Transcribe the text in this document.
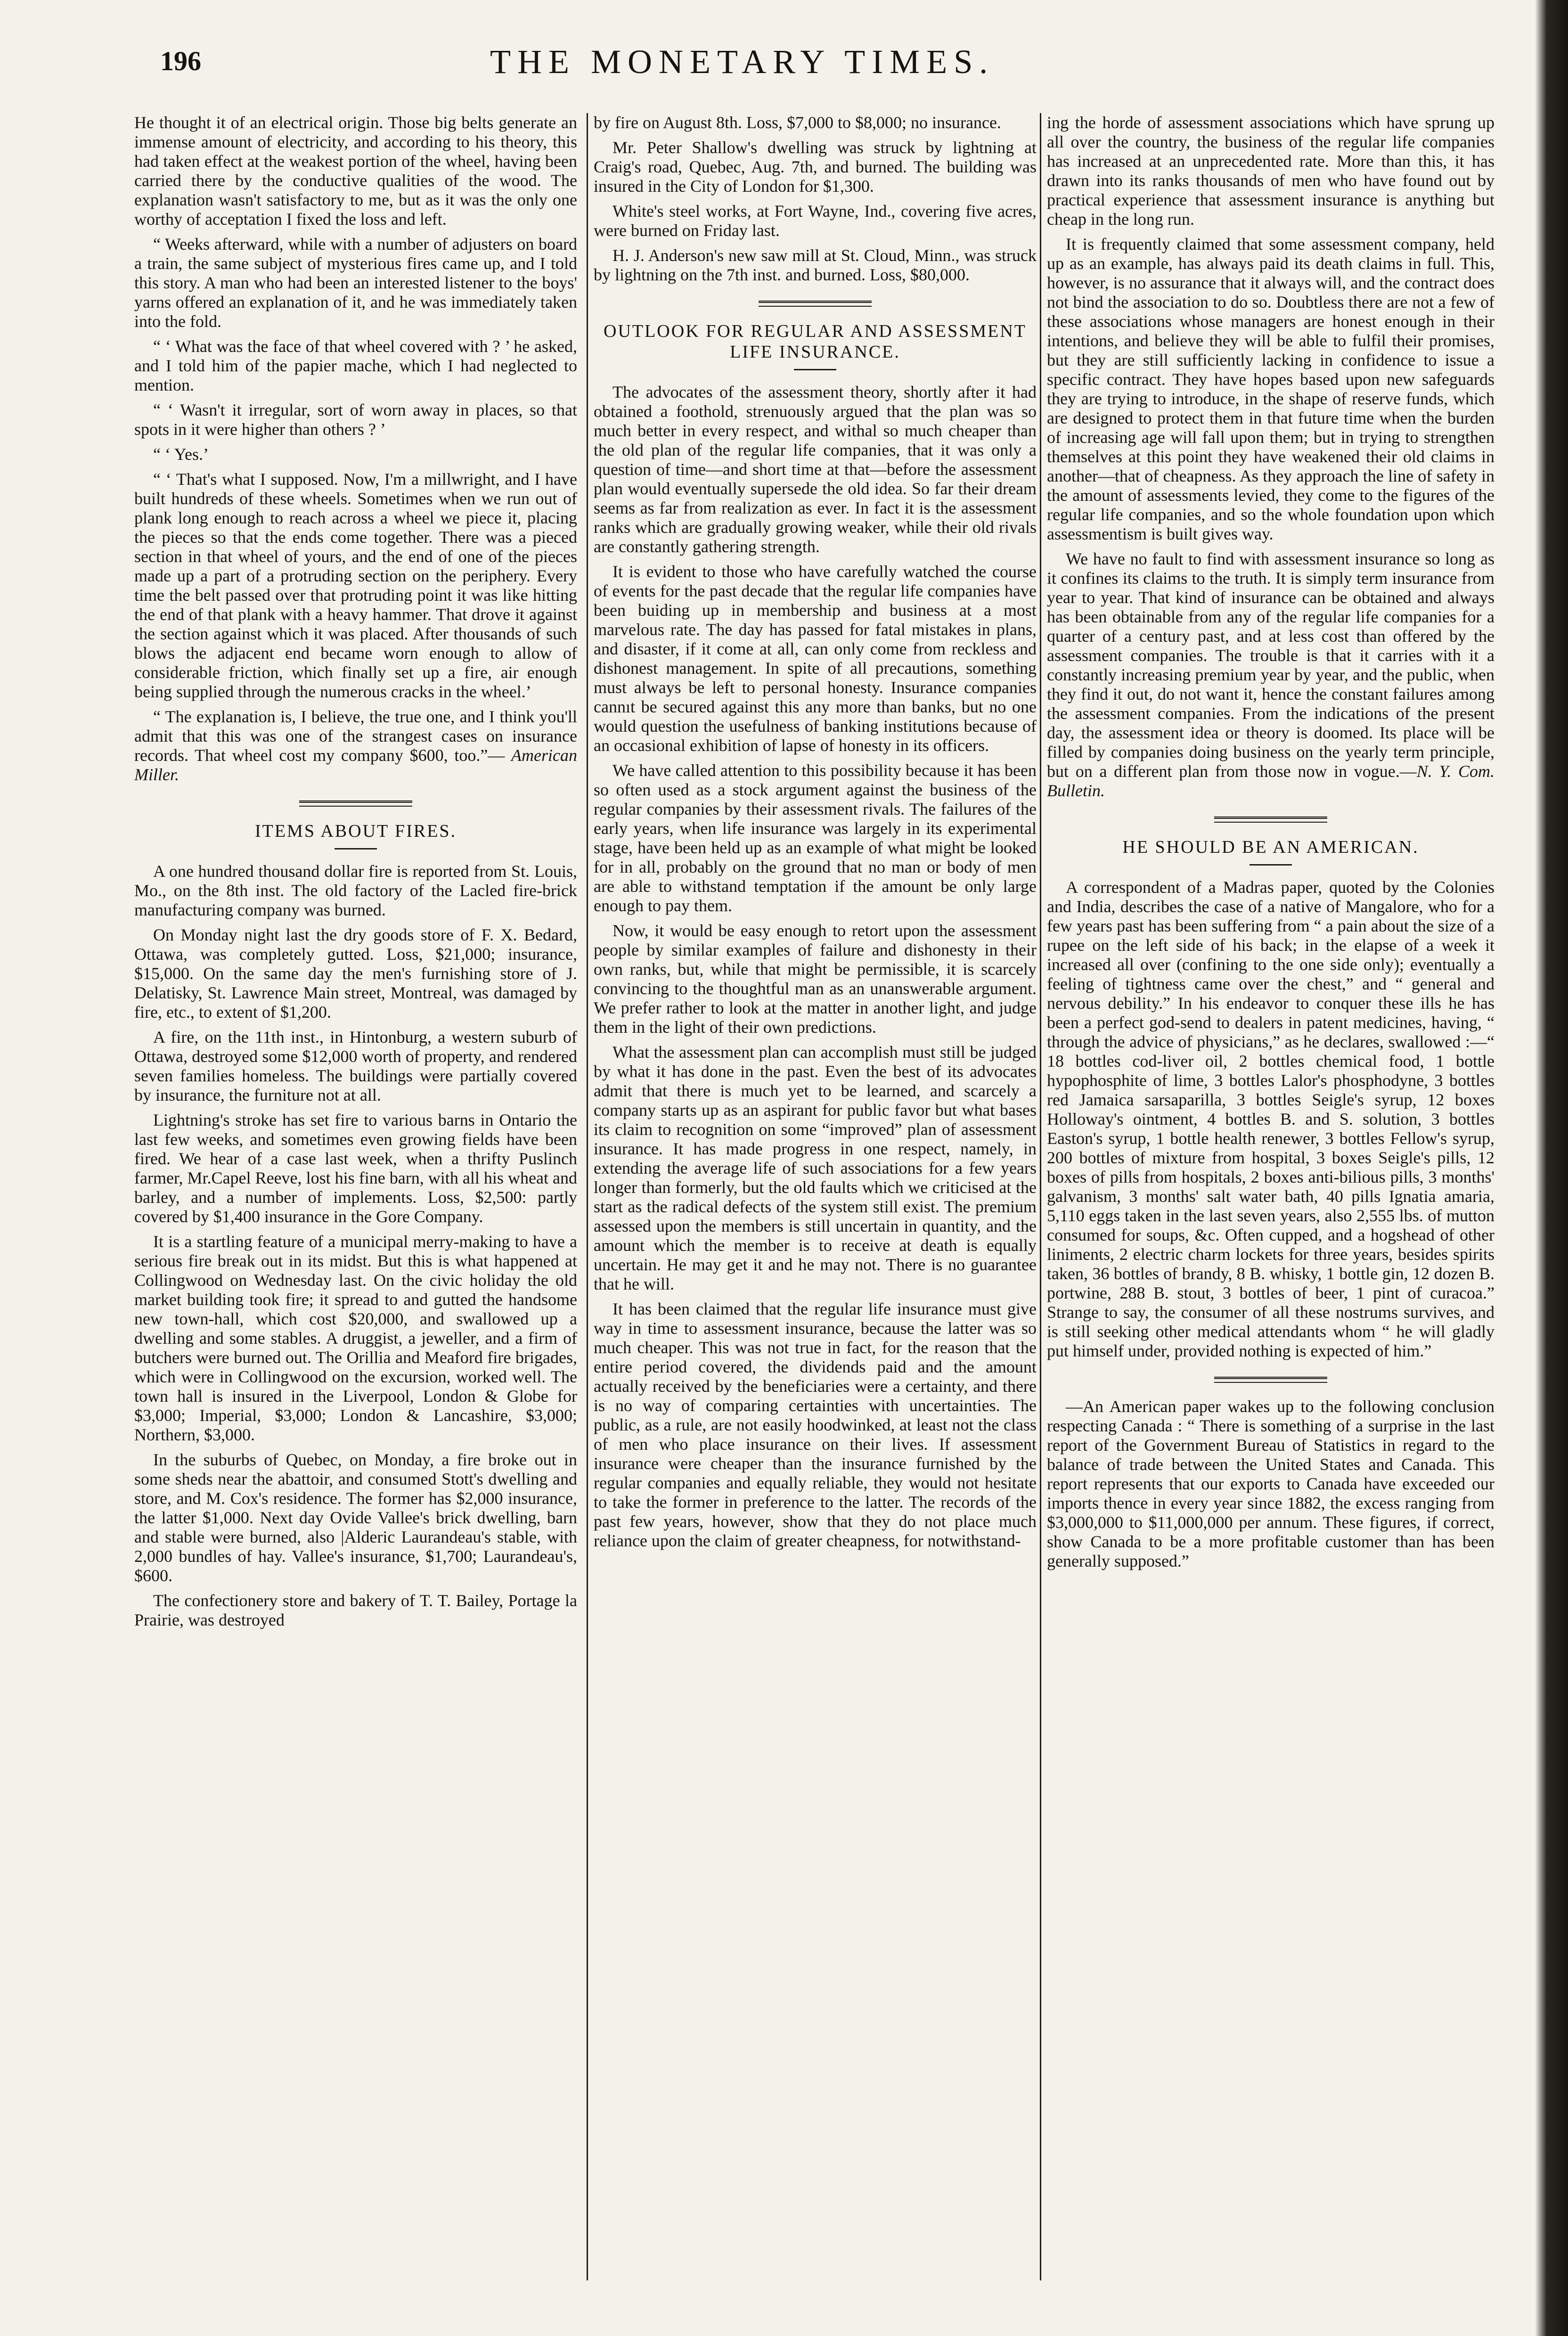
196	THE MONETARY TIMES.

He thought it of an electrical origin. Those big belts generate an immense amount of electricity, and according to his theory, this had taken effect at the weakest portion of the wheel, having been carried there by the conductive qualities of the wood. The explanation wasn't satisfactory to me, but as it was the only one worthy of acceptation I fixed the loss and left.

“ Weeks afterward, while with a number of adjusters on board a train, the same subject of mysterious fires came up, and I told this story. A man who had been an interested listener to the boys' yarns offered an explanation of it, and he was immediately taken into the fold.

“ ‘ What was the face of that wheel covered with ? ’ he asked, and I told him of the papier mache, which I had neglected to mention.

“ ‘ Wasn't it irregular, sort of worn away in places, so that spots in it were higher than others ? ’

“ ‘ Yes.’

“ ‘ That's what I supposed. Now, I'm a millwright, and I have built hundreds of these wheels. Sometimes when we run out of plank long enough to reach across a wheel we piece it, placing the pieces so that the ends come together. There was a pieced section in that wheel of yours, and the end of one of the pieces made up a part of a protruding section on the periphery. Every time the belt passed over that protruding point it was like hitting the end of that plank with a heavy hammer. That drove it against the section against which it was placed. After thousands of such blows the adjacent end became worn enough to allow of considerable friction, which finally set up a fire, air enough being supplied through the numerous cracks in the wheel.’

“ The explanation is, I believe, the true one, and I think you'll admit that this was one of the strangest cases on insurance records. That wheel cost my company $600, too.”— American Miller.

ITEMS ABOUT FIRES.

A one hundred thousand dollar fire is reported from St. Louis, Mo., on the 8th inst. The old factory of the Lacled fire-brick manufacturing company was burned.

On Monday night last the dry goods store of F. X. Bedard, Ottawa, was completely gutted. Loss, $21,000; insurance, $15,000. On the same day the men's furnishing store of J. Delatisky, St. Lawrence Main street, Montreal, was damaged by fire, etc., to extent of $1,200.

A fire, on the 11th inst., in Hintonburg, a western suburb of Ottawa, destroyed some $12,000 worth of property, and rendered seven families homeless. The buildings were partially covered by insurance, the furniture not at all.

Lightning's stroke has set fire to various barns in Ontario the last few weeks, and sometimes even growing fields have been fired. We hear of a case last week, when a thrifty Puslinch farmer, Mr.Capel Reeve, lost his fine barn, with all his wheat and barley, and a number of implements. Loss, $2,500: partly covered by $1,400 insurance in the Gore Company.

It is a startling feature of a municipal merry-making to have a serious fire break out in its midst. But this is what happened at Collingwood on Wednesday last. On the civic holiday the old market building took fire; it spread to and gutted the handsome new town-hall, which cost $20,000, and swallowed up a dwelling and some stables. A druggist, a jeweller, and a firm of butchers were burned out. The Orillia and Meaford fire brigades, which were in Collingwood on the excursion, worked well. The town hall is insured in the Liverpool, London & Globe for $3,000; Imperial, $3,000; London & Lancashire, $3,000; Northern, $3,000.

In the suburbs of Quebec, on Monday, a fire broke out in some sheds near the abattoir, and consumed Stott's dwelling and store, and M. Cox's residence. The former has $2,000 insurance, the latter $1,000. Next day Ovide Vallee's brick dwelling, barn and stable were burned, also |Alderic Laurandeau's stable, with 2,000 bundles of hay. Vallee's insurance, $1,700; Laurandeau's, $600.

The confectionery store and bakery of T. T. Bailey, Portage la Prairie, was destroyed

by fire on August 8th. Loss, $7,000 to $8,000; no insurance.

Mr. Peter Shallow's dwelling was struck by lightning at Craig's road, Quebec, Aug. 7th, and burned. The building was insured in the City of London for $1,300.

White's steel works, at Fort Wayne, Ind., covering five acres, were burned on Friday last.

H. J. Anderson's new saw mill at St. Cloud, Minn., was struck by lightning on the 7th inst. and burned. Loss, $80,000.

OUTLOOK FOR REGULAR AND ASSESSMENT LIFE INSURANCE.

The advocates of the assessment theory, shortly after it had obtained a foothold, strenuously argued that the plan was so much better in every respect, and withal so much cheaper than the old plan of the regular life companies, that it was only a question of time—and short time at that—before the assessment plan would eventually supersede the old idea. So far their dream seems as far from realization as ever. In fact it is the assessment ranks which are gradually growing weaker, while their old rivals are constantly gathering strength.

It is evident to those who have carefully watched the course of events for the past decade that the regular life companies have been buiding up in membership and business at a most marvelous rate. The day has passed for fatal mistakes in plans, and disaster, if it come at all, can only come from reckless and dishonest management. In spite of all precautions, something must always be left to personal honesty. Insurance companies cannıt be secured against this any more than banks, but no one would question the usefulness of banking institutions because of an occasional exhibition of lapse of honesty in its officers.

We have called attention to this possibility because it has been so often used as a stock argument against the business of the regular companies by their assessment rivals. The failures of the early years, when life insurance was largely in its experimental stage, have been held up as an example of what might be looked for in all, probably on the ground that no man or body of men are able to withstand temptation if the amount be only large enough to pay them.

Now, it would be easy enough to retort upon the assessment people by similar examples of failure and dishonesty in their own ranks, but, while that might be permissible, it is scarcely convincing to the thoughtful man as an unanswerable argument. We prefer rather to look at the matter in another light, and judge them in the light of their own predictions.

What the assessment plan can accomplish must still be judged by what it has done in the past. Even the best of its advocates admit that there is much yet to be learned, and scarcely a company starts up as an aspirant for public favor but what bases its claim to recognition on some “improved” plan of assessment insurance. It has made progress in one respect, namely, in extending the average life of such associations for a few years longer than formerly, but the old faults which we criticised at the start as the radical defects of the system still exist. The premium assessed upon the members is still uncertain in quantity, and the amount which the member is to receive at death is equally uncertain. He may get it and he may not. There is no guarantee that he will.

It has been claimed that the regular life insurance must give way in time to assessment insurance, because the latter was so much cheaper. This was not true in fact, for the reason that the entire period covered, the dividends paid and the amount actually received by the beneficiaries were a certainty, and there is no way of comparing certainties with uncertainties. The public, as a rule, are not easily hoodwinked, at least not the class of men who place insurance on their lives. If assessment insurance were cheaper than the insurance furnished by the regular companies and equally reliable, they would not hesitate to take the former in preference to the latter. The records of the past few years, however, show that they do not place much reliance upon the claim of greater cheapness, for notwithstand-

ing the horde of assessment associations which have sprung up all over the country, the business of the regular life companies has increased at an unprecedented rate. More than this, it has drawn into its ranks thousands of men who have found out by practical experience that assessment insurance is anything but cheap in the long run.

It is frequently claimed that some assessment company, held up as an example, has always paid its death claims in full. This, however, is no assurance that it always will, and the contract does not bind the association to do so. Doubtless there are not a few of these associations whose managers are honest enough in their intentions, and believe they will be able to fulfil their promises, but they are still sufficiently lacking in confidence to issue a specific contract. They have hopes based upon new safeguards they are trying to introduce, in the shape of reserve funds, which are designed to protect them in that future time when the burden of increasing age will fall upon them; but in trying to strengthen themselves at this point they have weakened their old claims in another—that of cheapness. As they approach the line of safety in the amount of assessments levied, they come to the figures of the regular life companies, and so the whole foundation upon which assessmentism is built gives way.

We have no fault to find with assessment insurance so long as it confines its claims to the truth. It is simply term insurance from year to year. That kind of insurance can be obtained and always has been obtainable from any of the regular life companies for a quarter of a century past, and at less cost than offered by the assessment companies. The trouble is that it carries with it a constantly increasing premium year by year, and the public, when they find it out, do not want it, hence the constant failures among the assessment companies. From the indications of the present day, the assessment idea or theory is doomed. Its place will be filled by companies doing business on the yearly term principle, but on a different plan from those now in vogue.—N. Y. Com. Bulletin.

HE SHOULD BE AN AMERICAN.

A correspondent of a Madras paper, quoted by the Colonies and India, describes the case of a native of Mangalore, who for a few years past has been suffering from “ a pain about the size of a rupee on the left side of his back; in the elapse of a week it increased all over (confining to the one side only); eventually a feeling of tightness came over the chest,” and “ general and nervous debility.” In his endeavor to conquer these ills he has been a perfect god-send to dealers in patent medicines, having, “ through the advice of physicians,” as he declares, swallowed :—“ 18 bottles cod-liver oil, 2 bottles chemical food, 1 bottle hypophosphite of lime, 3 bottles Lalor's phosphodyne, 3 bottles red Jamaica sarsaparilla, 3 bottles Seigle's syrup, 12 boxes Holloway's ointment, 4 bottles B. and S. solution, 3 bottles Easton's syrup, 1 bottle health renewer, 3 bottles Fellow's syrup, 200 bottles of mixture from hospital, 3 boxes Seigle's pills, 12 boxes of pills from hospitals, 2 boxes anti-bilious pills, 3 months' galvanism, 3 months' salt water bath, 40 pills Ignatia amaria, 5,110 eggs taken in the last seven years, also 2,555 lbs. of mutton consumed for soups, &c. Often cupped, and a hogshead of other liniments, 2 electric charm lockets for three years, besides spirits taken, 36 bottles of brandy, 8 B. whisky, 1 bottle gin, 12 dozen B. portwine, 288 B. stout, 3 bottles of beer, 1 pint of curacoa.” Strange to say, the consumer of all these nostrums survives, and is still seeking other medical attendants whom “ he will gladly put himself under, provided nothing is expected of him.”

—An American paper wakes up to the following conclusion respecting Canada : “ There is something of a surprise in the last report of the Government Bureau of Statistics in regard to the balance of trade between the United States and Canada. This report represents that our exports to Canada have exceeded our imports thence in every year since 1882, the excess ranging from $3,000,000 to $11,000,000 per annum. These figures, if correct, show Canada to be a more profitable customer than has been generally supposed.”
